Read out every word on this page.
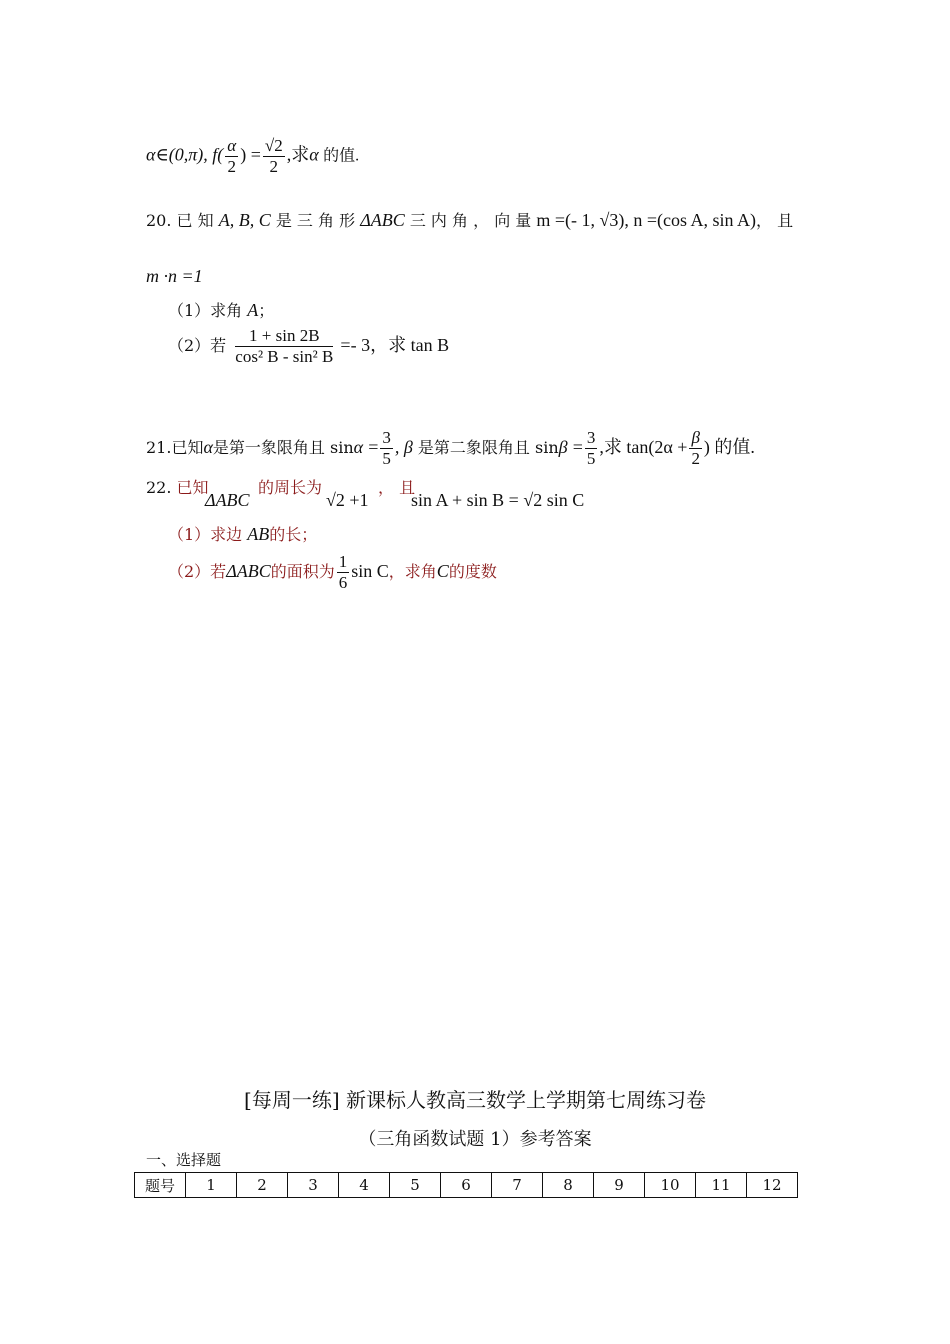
α∈(0,π), $f( \frac{\alpha}{2}$ ) = $\frac{√2}{2}$ ,求α 的值.
20. 已 知 A, B, C 是 三 角 形 ΔABC 三 内 角 ， 向 量 m =(- 1, √3), n =(cos A, sin A)， 且
m ·n =1
（1）求角 A；
（2）若 $\frac{1 + \sin 2B}{\text{cos² B - sin² B}} =- 3$，求 tan B
21.已知α是第一象限角且 $\sin\alpha = \frac{3}{5}$ , β 是第二象限角且 $\sin\beta = \frac{3}{5}$ ,求 $\tan(2\alpha + \frac{\beta}{2}$ ) 的值.
22. 已知
ΔABC
的周长为
√2 +1
， 且
sin A + sin B = √2 sin C
（1）求边 AB的长；
（2）若ΔABC的面积为 $\frac{1}{6}$ sin C，求角C的度数
[每周一练] 新课标人教高三数学上学期第七周练习卷
（三角函数试题 1）参考答案
一、选择题
题号	1	2	3	4	5	6	7	8	9	10	11	12
